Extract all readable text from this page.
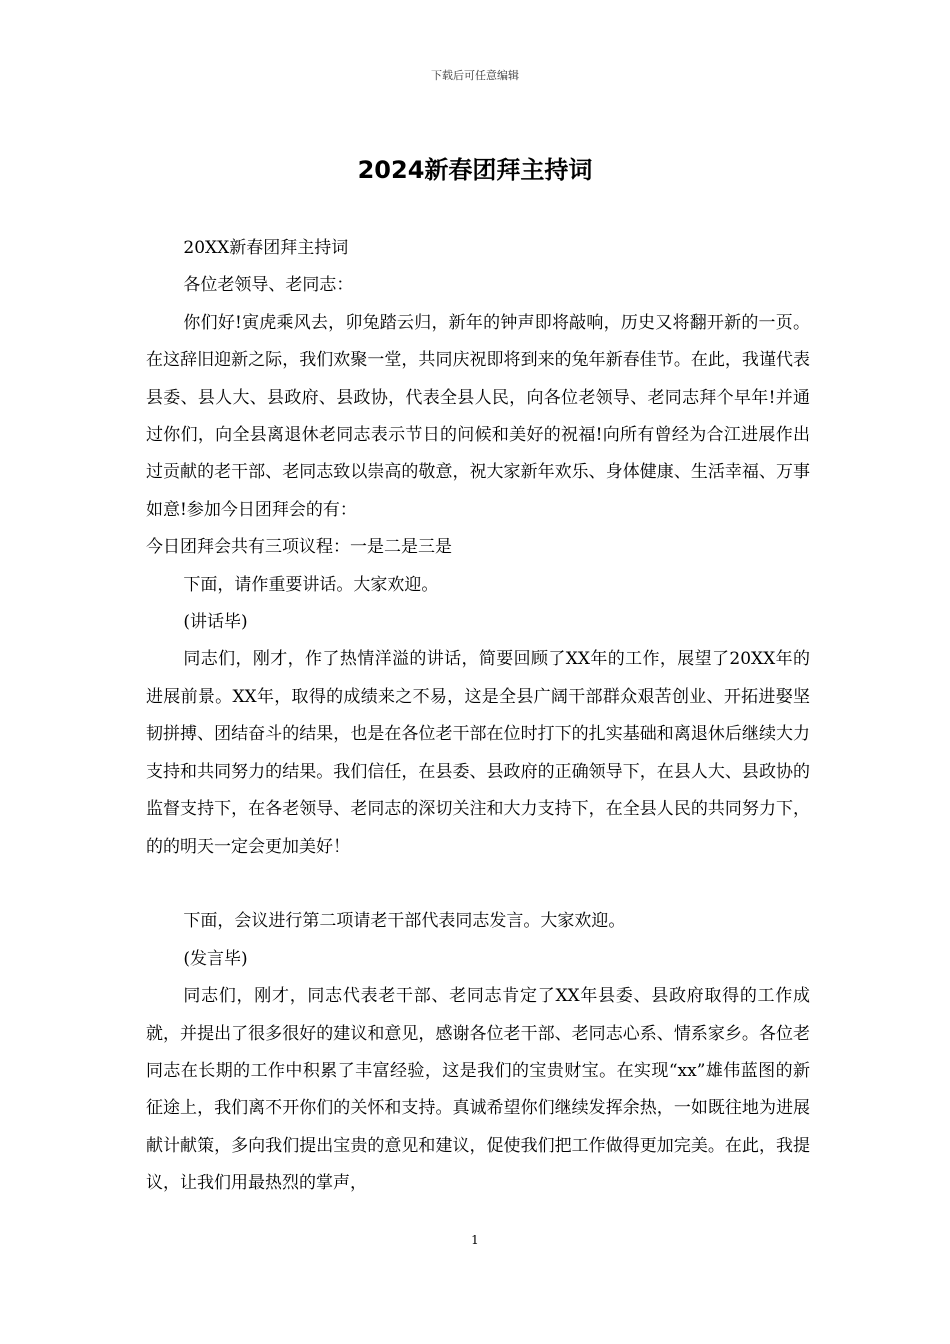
下载后可任意编辑
2024新春团拜主持词

20XX新春团拜主持词

各位老领导、老同志：

你们好!寅虎乘风去，卯兔踏云归，新年的钟声即将敲响，历史又将翻开新的一页。在这辞旧迎新之际，我们欢聚一堂，共同庆祝即将到来的兔年新春佳节。在此，我谨代表县委、县人大、县政府、县政协，代表全县人民，向各位老领导、老同志拜个早年!并通过你们，向全县离退休老同志表示节日的问候和美好的祝福!向所有曾经为合江进展作出过贡献的老干部、老同志致以崇高的敬意，祝大家新年欢乐、身体健康、生活幸福、万事如意!参加今日团拜会的有：

今日团拜会共有三项议程：一是二是三是

下面，请作重要讲话。大家欢迎。

(讲话毕)

同志们，刚才，作了热情洋溢的讲话，简要回顾了XX年的工作，展望了20XX年的进展前景。XX年，取得的成绩来之不易，这是全县广阔干部群众艰苦创业、开拓进娶坚韧拼搏、团结奋斗的结果，也是在各位老干部在位时打下的扎实基础和离退休后继续大力支持和共同努力的结果。我们信任，在县委、县政府的正确领导下，在县人大、县政协的监督支持下，在各老领导、老同志的深切关注和大力支持下，在全县人民的共同努力下，的的明天一定会更加美好！

下面，会议进行第二项请老干部代表同志发言。大家欢迎。

(发言毕)

同志们，刚才，同志代表老干部、老同志肯定了XX年县委、县政府取得的工作成就，并提出了很多很好的建议和意见，感谢各位老干部、老同志心系、情系家乡。各位老同志在长期的工作中积累了丰富经验，这是我们的宝贵财宝。在实现“xx”雄伟蓝图的新征途上，我们离不开你们的关怀和支持。真诚希望你们继续发挥余热，一如既往地为进展献计献策，多向我们提出宝贵的意见和建议，促使我们把工作做得更加完美。在此，我提议，让我们用最热烈的掌声，

1
